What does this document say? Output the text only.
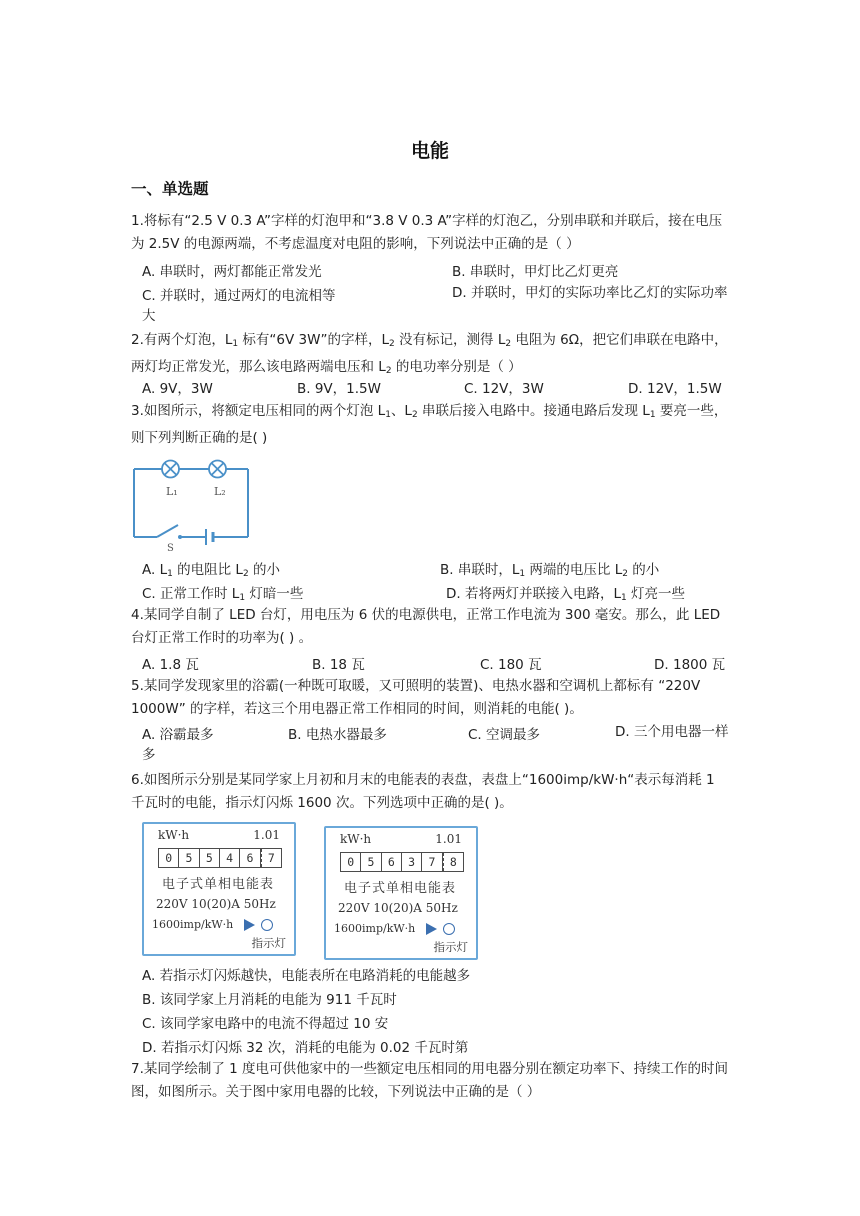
电能
一、单选题
1.将标有“2.5 V 0.3 A”字样的灯泡甲和“3.8 V 0.3 A”字样的灯泡乙，分别串联和并联后，接在电压为 2.5V 的电源两端，不考虑温度对电阻的影响，下列说法中正确的是（ ）
A. 串联时，两灯都能正常发光	B. 串联时，甲灯比乙灯更亮
C. 并联时，通过两灯的电流相等	D. 并联时，甲灯的实际功率比乙灯的实际功率大
2.有两个灯泡，$L_1$ 标有“6V 3W”的字样，$L_2$ 没有标记，测得 $L_2$ 电阻为 6Ω，把它们串联在电路中，两灯均正常发光，那么该电路两端电压和 $L_2$ 的电功率分别是（ ）
A. 9V，3W	B. 9V，1.5W	C. 12V，3W	D. 12V，1.5W
3.如图所示，将额定电压相同的两个灯泡 $L_1$、$L_2$ 串联后接入电路中。接通电路后发现 $L_1$ 要亮一些，则下列判断正确的是( )
L₁	L₂
S
A. $L_1$ 的电阻比 $L_2$ 的小	B. 串联时，$L_1$ 两端的电压比 $L_2$ 的小
C. 正常工作时 $L_1$ 灯暗一些	D. 若将两灯并联接入电路，$L_1$ 灯亮一些
4.某同学自制了 LED 台灯，用电压为 6 伏的电源供电，正常工作电流为 300 毫安。那么，此 LED 台灯正常工作时的功率为( ) 。
A. 1.8 瓦	B. 18 瓦	C. 180 瓦	D. 1800 瓦
5.某同学发现家里的浴霸(一种既可取暖，又可照明的装置)、电热水器和空调机上都标有 “220V 1000W” 的字样，若这三个用电器正常工作相同的时间，则消耗的电能( )。
A. 浴霸最多	B. 电热水器最多	C. 空调最多	D. 三个用电器一样多
6.如图所示分别是某同学家上月初和月末的电能表的表盘，表盘上“1600imp/kW·h“表示每消耗 1 千瓦时的电能，指示灯闪烁 1600 次。下列选项中正确的是( )。
kW·h	1.01
0	5	5	4	6	7
电子式单相电能表
220V 10(20)A 50Hz
1600imp/kW·h
指示灯
kW·h	1.01
0	5	6	3	7	8
电子式单相电能表
220V 10(20)A 50Hz
1600imp/kW·h
指示灯
A. 若指示灯闪烁越快，电能表所在电路消耗的电能越多
B. 该同学家上月消耗的电能为 911 千瓦时
C. 该同学家电路中的电流不得超过 10 安
D. 若指示灯闪烁 32 次，消耗的电能为 0.02 千瓦时第
7.某同学绘制了 1 度电可供他家中的一些额定电压相同的用电器分别在额定功率下、持续工作的时间图，如图所示。关于图中家用电器的比较，下列说法中正确的是（ ）
